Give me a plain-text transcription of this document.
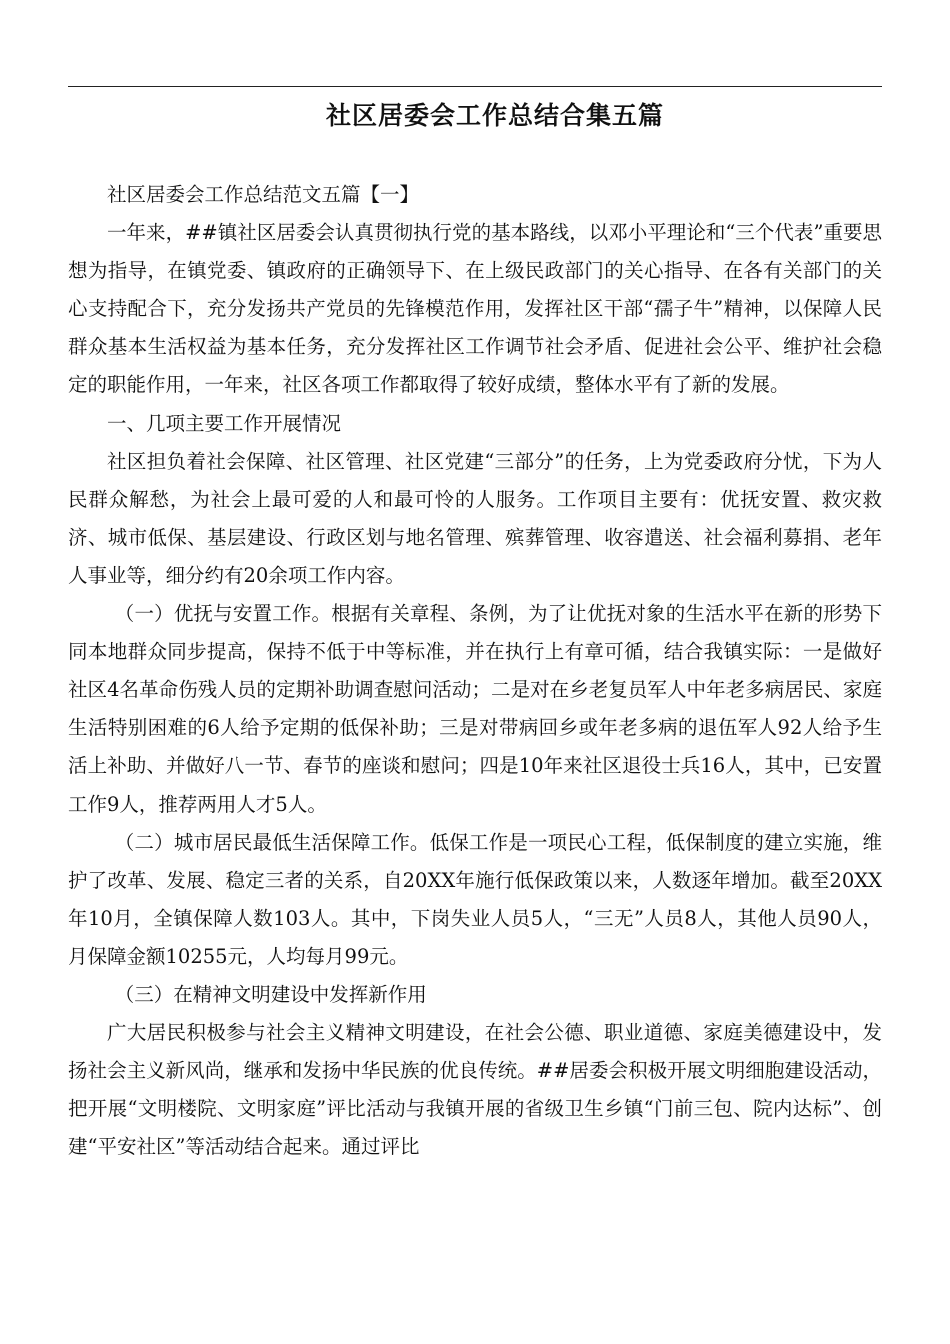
社区居委会工作总结合集五篇

社区居委会工作总结范文五篇【一】

一年来，##镇社区居委会认真贯彻执行党的基本路线，以邓小平理论和“三个代表”重要思想为指导，在镇党委、镇政府的正确领导下、在上级民政部门的关心指导、在各有关部门的关心支持配合下，充分发扬共产党员的先锋模范作用，发挥社区干部“孺子牛”精神，以保障人民群众基本生活权益为基本任务，充分发挥社区工作调节社会矛盾、促进社会公平、维护社会稳定的职能作用，一年来，社区各项工作都取得了较好成绩，整体水平有了新的发展。

一、几项主要工作开展情况

社区担负着社会保障、社区管理、社区党建“三部分”的任务，上为党委政府分忧，下为人民群众解愁，为社会上最可爱的人和最可怜的人服务。工作项目主要有：优抚安置、救灾救济、城市低保、基层建设、行政区划与地名管理、殡葬管理、收容遣送、社会福利募捐、老年人事业等，细分约有20余项工作内容。

（一）优抚与安置工作。根据有关章程、条例，为了让优抚对象的生活水平在新的形势下同本地群众同步提高，保持不低于中等标准，并在执行上有章可循，结合我镇实际：一是做好社区4名革命伤残人员的定期补助调查慰问活动；二是对在乡老复员军人中年老多病居民、家庭生活特别困难的6人给予定期的低保补助；三是对带病回乡或年老多病的退伍军人92人给予生活上补助、并做好八一节、春节的座谈和慰问；四是10年来社区退役士兵16人，其中，已安置工作9人，推荐两用人才5人。

（二）城市居民最低生活保障工作。低保工作是一项民心工程，低保制度的建立实施，维护了改革、发展、稳定三者的关系，自20XX年施行低保政策以来，人数逐年增加。截至20XX年10月，全镇保障人数103人。其中，下岗失业人员5人，“三无”人员8人，其他人员90人，月保障金额10255元，人均每月99元。

（三）在精神文明建设中发挥新作用

广大居民积极参与社会主义精神文明建设，在社会公德、职业道德、家庭美德建设中，发扬社会主义新风尚，继承和发扬中华民族的优良传统。##居委会积极开展文明细胞建设活动，把开展“文明楼院、文明家庭”评比活动与我镇开展的省级卫生乡镇“门前三包、院内达标”、创建“平安社区”等活动结合起来。通过评比
